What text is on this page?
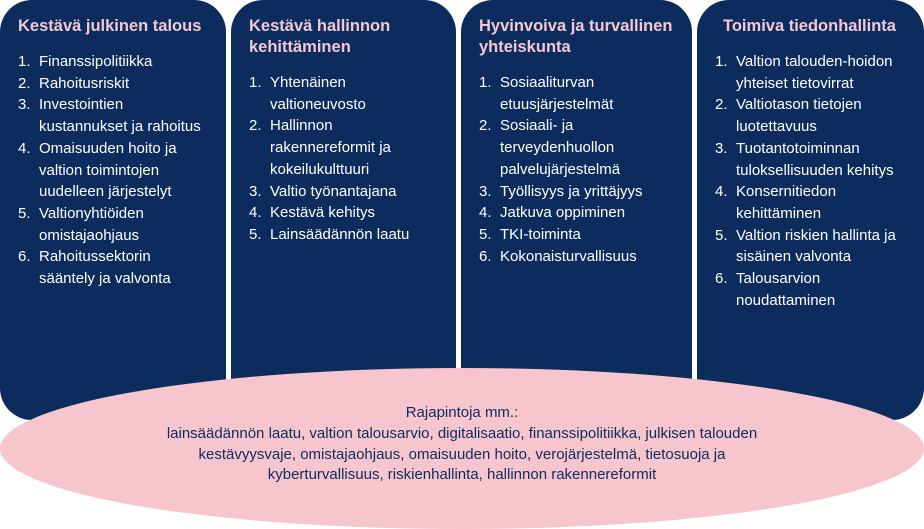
Kestävä julkinen talous
1. Finanssipolitiikka
2. Rahoitusriskit
3. Investointien kustannukset ja rahoitus
4. Omaisuuden hoito ja valtion toimintojen uudelleen järjestelyt
5. Valtionyhtiöiden omistajaohjaus
6. Rahoitussektorin sääntely ja valvonta
Kestävä hallinnon kehittäminen
1. Yhtenäinen valtioneuvosto
2. Hallinnon rakennereformit ja kokeilukulttuuri
3. Valtio työnantajana
4. Kestävä kehitys
5. Lainsäädännön laatu
Hyvinvoiva ja turvallinen yhteiskunta
1. Sosiaaliturvan etuusjärjestelmät
2. Sosiaali- ja terveydenhuollon palvelujärjestelmä
3. Työllisyys ja yrittäjyys
4. Jatkuva oppiminen
5. TKI-toiminta
6. Kokonaisturvallisuus
Toimiva tiedonhallinta
1. Valtion talouden-hoidon yhteiset tietovirrat
2. Valtiotason tietojen luotettavuus
3. Tuotantotoiminnan tuloksellisuuden kehitys
4. Konsernitiedon kehittäminen
5. Valtion riskien hallinta ja sisäinen valvonta
6. Talousarvion noudattaminen
Rajapintoja mm.:
lainsäädännön laatu, valtion talousarvio, digitalisaatio, finanssipolitiikka, julkisen talouden kestävyysvaje, omistajaohjaus, omaisuuden hoito, verojärjestelmä, tietosuoja ja kyberturvallisuus, riskienhallinta, hallinnon rakennereformit
